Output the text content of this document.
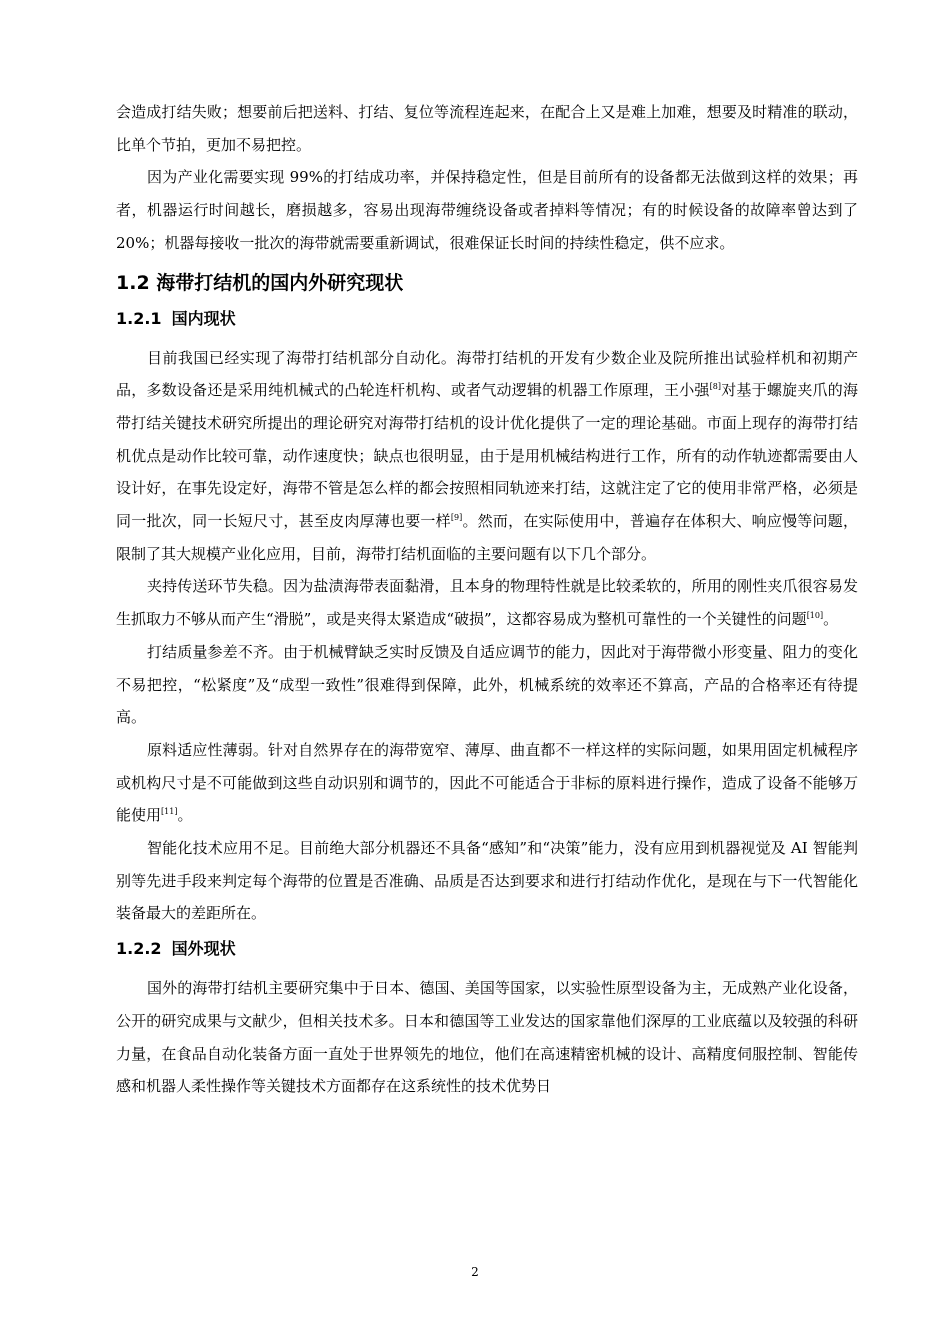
会造成打结失败；想要前后把送料、打结、复位等流程连起来，在配合上又是难上加难，想要及时精准的联动，比单个节拍，更加不易把控。

因为产业化需要实现 99%的打结成功率，并保持稳定性，但是目前所有的设备都无法做到这样的效果；再者，机器运行时间越长，磨损越多，容易出现海带缠绕设备或者掉料等情况；有的时候设备的故障率曾达到了 20%；机器每接收一批次的海带就需要重新调试，很难保证长时间的持续性稳定，供不应求。

1.2 海带打结机的国内外研究现状
1.2.1 国内现状

目前我国已经实现了海带打结机部分自动化。海带打结机的开发有少数企业及院所推出试验样机和初期产品，多数设备还是采用纯机械式的凸轮连杆机构、或者气动逻辑的机器工作原理，王小强[8]对基于螺旋夹爪的海带打结关键技术研究所提出的理论研究对海带打结机的设计优化提供了一定的理论基础。市面上现存的海带打结机优点是动作比较可靠，动作速度快；缺点也很明显，由于是用机械结构进行工作，所有的动作轨迹都需要由人设计好，在事先设定好，海带不管是怎么样的都会按照相同轨迹来打结，这就注定了它的使用非常严格，必须是同一批次，同一长短尺寸，甚至皮肉厚薄也要一样[9]。然而，在实际使用中，普遍存在体积大、响应慢等问题，限制了其大规模产业化应用，目前，海带打结机面临的主要问题有以下几个部分。

夹持传送环节失稳。因为盐渍海带表面黏滑，且本身的物理特性就是比较柔软的，所用的刚性夹爪很容易发生抓取力不够从而产生“滑脱”，或是夹得太紧造成“破损”，这都容易成为整机可靠性的一个关键性的问题[10]。

打结质量参差不齐。由于机械臂缺乏实时反馈及自适应调节的能力，因此对于海带微小形变量、阻力的变化不易把控，“松紧度”及“成型一致性”很难得到保障，此外，机械系统的效率还不算高，产品的合格率还有待提高。

原料适应性薄弱。针对自然界存在的海带宽窄、薄厚、曲直都不一样这样的实际问题，如果用固定机械程序或机构尺寸是不可能做到这些自动识别和调节的，因此不可能适合于非标的原料进行操作，造成了设备不能够万能使用[11]。

智能化技术应用不足。目前绝大部分机器还不具备“感知”和“决策”能力，没有应用到机器视觉及 AI 智能判别等先进手段来判定每个海带的位置是否准确、品质是否达到要求和进行打结动作优化，是现在与下一代智能化装备最大的差距所在。

1.2.2 国外现状

国外的海带打结机主要研究集中于日本、德国、美国等国家，以实验性原型设备为主，无成熟产业化设备，公开的研究成果与文献少，但相关技术多。日本和德国等工业发达的国家靠他们深厚的工业底蕴以及较强的科研力量，在食品自动化装备方面一直处于世界领先的地位，他们在高速精密机械的设计、高精度伺服控制、智能传感和机器人柔性操作等关键技术方面都存在这系统性的技术优势日

2
